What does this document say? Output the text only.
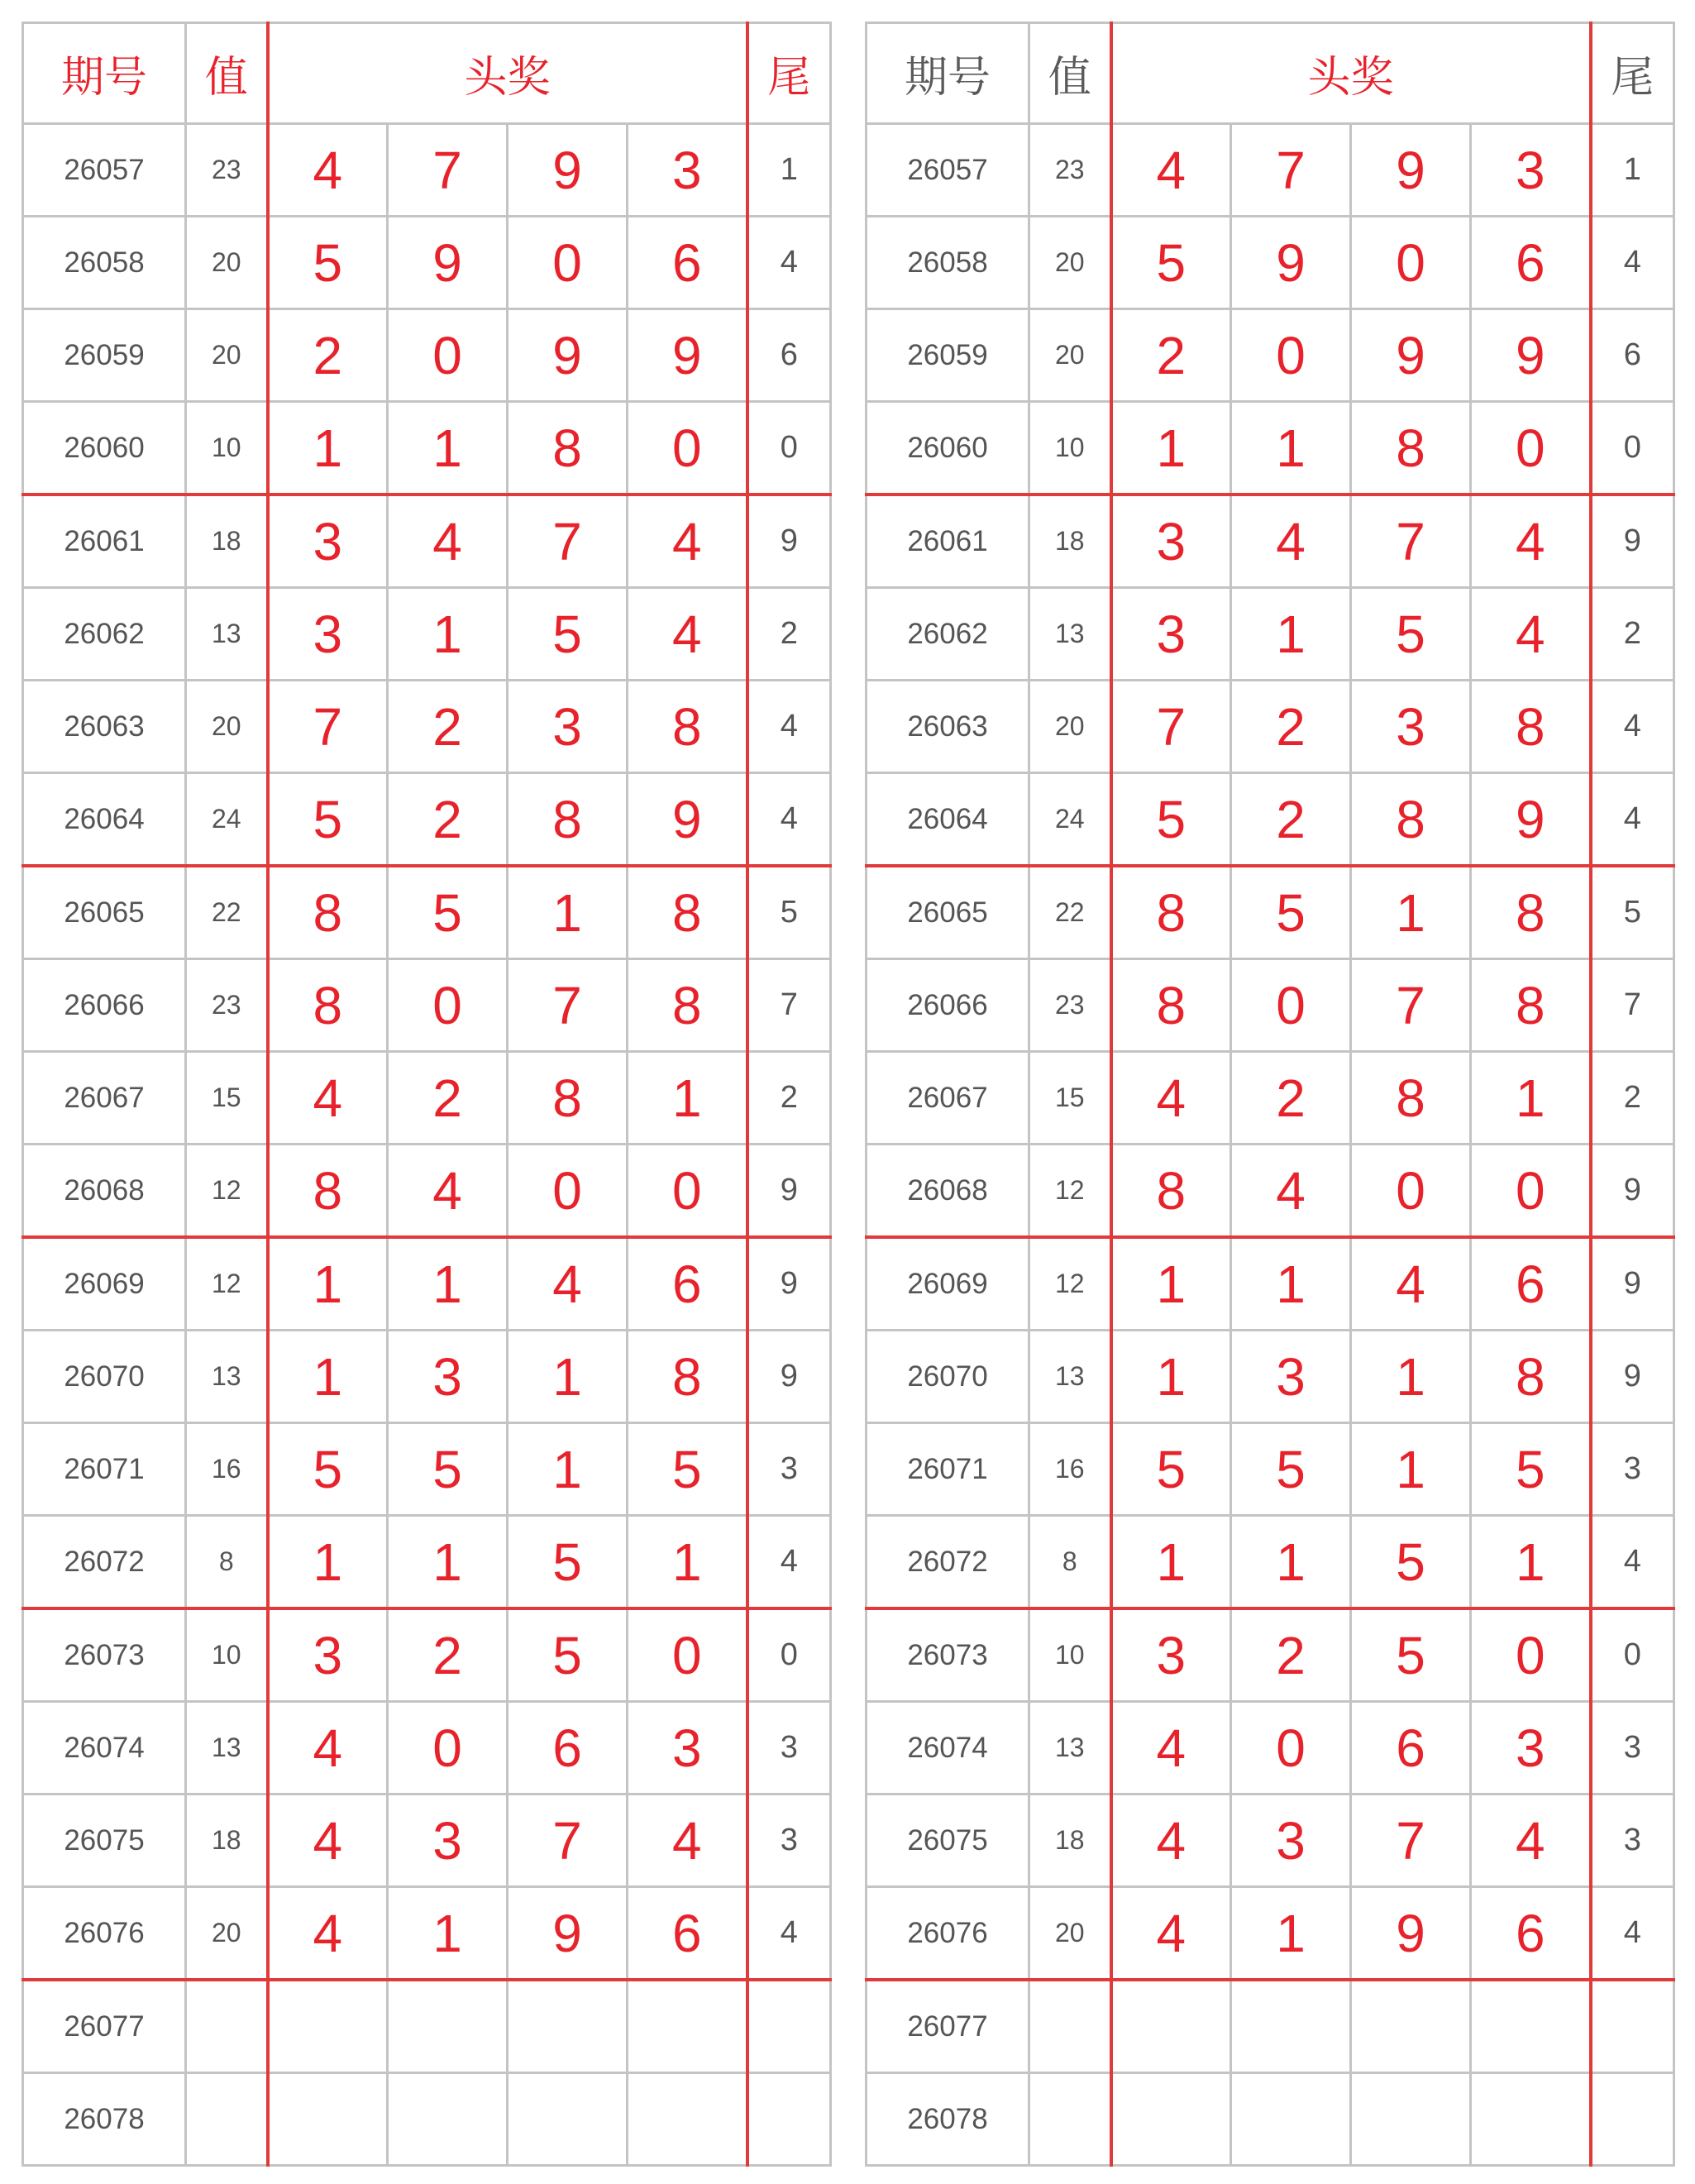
期号	值	头奖				尾
26057	23	4	7	9	3	1
26058	20	5	9	0	6	4
26059	20	2	0	9	9	6
26060	10	1	1	8	0	0
26061	18	3	4	7	4	9
26062	13	3	1	5	4	2
26063	20	7	2	3	8	4
26064	24	5	2	8	9	4
26065	22	8	5	1	8	5
26066	23	8	0	7	8	7
26067	15	4	2	8	1	2
26068	12	8	4	0	0	9
26069	12	1	1	4	6	9
26070	13	1	3	1	8	9
26071	16	5	5	1	5	3
26072	8	1	1	5	1	4
26073	10	3	2	5	0	0
26074	13	4	0	6	3	3
26075	18	4	3	7	4	3
26076	20	4	1	9	6	4
26077						
26078						
期号	值	头奖				尾
26057	23	4	7	9	3	1
26058	20	5	9	0	6	4
26059	20	2	0	9	9	6
26060	10	1	1	8	0	0
26061	18	3	4	7	4	9
26062	13	3	1	5	4	2
26063	20	7	2	3	8	4
26064	24	5	2	8	9	4
26065	22	8	5	1	8	5
26066	23	8	0	7	8	7
26067	15	4	2	8	1	2
26068	12	8	4	0	0	9
26069	12	1	1	4	6	9
26070	13	1	3	1	8	9
26071	16	5	5	1	5	3
26072	8	1	1	5	1	4
26073	10	3	2	5	0	0
26074	13	4	0	6	3	3
26075	18	4	3	7	4	3
26076	20	4	1	9	6	4
26077						
26078						
